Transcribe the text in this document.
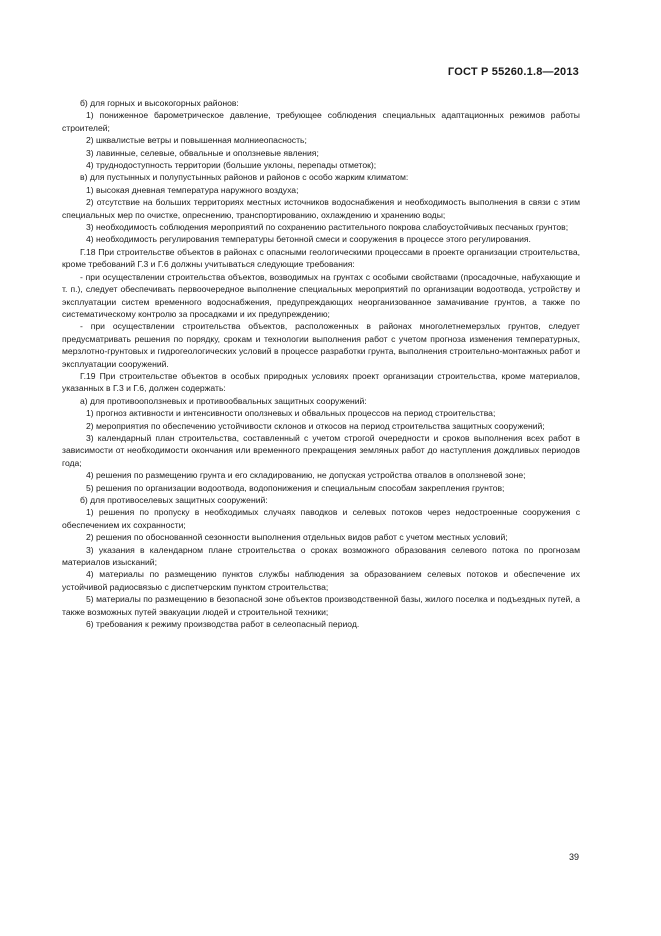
ГОСТ Р 55260.1.8—2013

б) для горных и высокогорных районов:

1) пониженное барометрическое давление, требующее соблюдения специальных адаптационных режимов работы строителей;

2) шквалистые ветры и повышенная молниеопасность;

3) лавинные, селевые, обвальные и оползневые явления;

4) труднодоступность территории (большие уклоны, перепады отметок);

в) для пустынных и полупустынных районов и районов с особо жарким климатом:

1) высокая дневная температура наружного воздуха;

2) отсутствие на больших территориях местных источников водоснабжения и необходимость выполнения в связи с этим специальных мер по очистке, опреснению, транспортированию, охлаждению и хранению воды;

3) необходимость соблюдения мероприятий по сохранению растительного покрова слабоустойчивых песчаных грунтов;

4) необходимость регулирования температуры бетонной смеси и сооружения в процессе этого регулирования.

Г.18 При строительстве объектов в районах с опасными геологическими процессами в проекте организации строительства, кроме требований Г.3 и Г.6 должны учитываться следующие требования:

- при осуществлении строительства объектов, возводимых на грунтах с особыми свойствами (просадочные, набухающие и т. п.), следует обеспечивать первоочередное выполнение специальных мероприятий по организации водоотвода, устройству и эксплуатации систем временного водоснабжения, предупреждающих неорганизованное замачивание грунтов, а также по систематическому контролю за просадками и их предупреждению;

- при осуществлении строительства объектов, расположенных в районах многолетнемерзлых грунтов, следует предусматривать решения по порядку, срокам и технологии выполнения работ с учетом прогноза изменения температурных, мерзлотно-грунтовых и гидрогеологических условий в процессе разработки грунта, выполнения строительно-монтажных работ и эксплуатации сооружений.

Г.19 При строительстве объектов в особых природных условиях проект организации строительства, кроме материалов, указанных в Г.3 и Г.6, должен содержать:

а) для противооползневых и противообвальных защитных сооружений:

1) прогноз активности и интенсивности оползневых и обвальных процессов на период строительства;

2) мероприятия по обеспечению устойчивости склонов и откосов на период строительства защитных сооружений;

3) календарный план строительства, составленный с учетом строгой очередности и сроков выполнения всех работ в зависимости от необходимости окончания или временного прекращения земляных работ до наступления дождливых периодов года;

4) решения по размещению грунта и его складированию, не допуская устройства отвалов в оползневой зоне;

5) решения по организации водоотвода, водопонижения и специальным способам закрепления грунтов;

б) для противоселевых защитных сооружений:

1) решения по пропуску в необходимых случаях паводков и селевых потоков через недостроенные сооружения с обеспечением их сохранности;

2) решения по обоснованной сезонности выполнения отдельных видов работ с учетом местных условий;

3) указания в календарном плане строительства о сроках возможного образования селевого потока по прогнозам материалов изысканий;

4) материалы по размещению пунктов службы наблюдения за образованием селевых потоков и обеспечение их устойчивой радиосвязью с диспетчерским пунктом строительства;

5) материалы по размещению в безопасной зоне объектов производственной базы, жилого поселка и подъездных путей, а также возможных путей эвакуации людей и строительной техники;

6) требования к режиму производства работ в селеопасный период.

39
